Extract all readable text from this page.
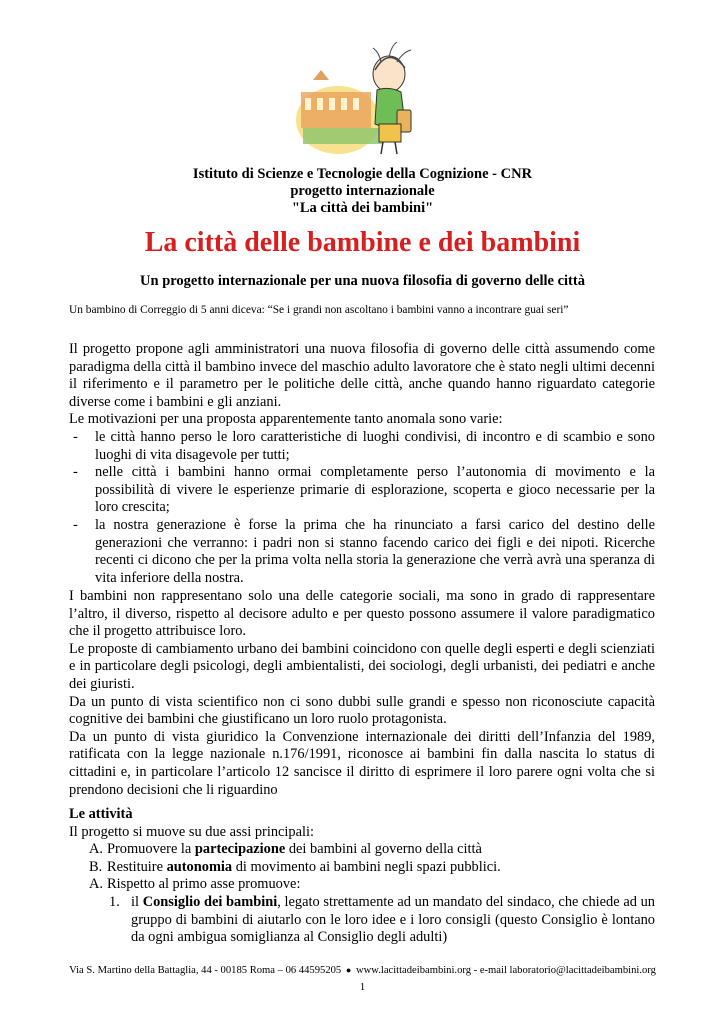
Istituto di Scienze e Tecnologie della Cognizione - CNR
progetto internazionale
"La città dei bambini"
La città delle bambine e dei bambini
Un progetto internazionale per una nuova filosofia di governo delle città
Un bambino di Correggio di 5 anni diceva: “Se i grandi non ascoltano i bambini vanno a incontrare guai seri”

Il progetto propone agli amministratori una nuova filosofia di governo delle città assumendo come paradigma della città il bambino invece del maschio adulto lavoratore che è stato negli ultimi decenni il riferimento e il parametro per le politiche delle città, anche quando hanno riguardato categorie diverse come i bambini e gli anziani.

Le motivazioni per una proposta apparentemente tanto anomala sono varie:

- le città hanno perso le loro caratteristiche di luoghi condivisi, di incontro e di scambio e sono luoghi di vita disagevole per tutti;
- nelle città i bambini hanno ormai completamente perso l’autonomia di movimento e la possibilità di vivere le esperienze primarie di esplorazione, scoperta e gioco necessarie per la loro crescita;
- la nostra generazione è forse la prima che ha rinunciato a farsi carico del destino delle generazioni che verranno: i padri non si stanno facendo carico dei figli e dei nipoti. Ricerche recenti ci dicono che per la prima volta nella storia la generazione che verrà avrà una speranza di vita inferiore della nostra.

I bambini non rappresentano solo una delle categorie sociali, ma sono in grado di rappresentare l’altro, il diverso, rispetto al decisore adulto e per questo possono assumere il valore paradigmatico che il progetto attribuisce loro.

Le proposte di cambiamento urbano dei bambini coincidono con quelle degli esperti e degli scienziati e in particolare degli psicologi, degli ambientalisti, dei sociologi, degli urbanisti, dei pediatri e anche dei giuristi.

Da un punto di vista scientifico non ci sono dubbi sulle grandi e spesso non riconosciute capacità cognitive dei bambini che giustificano un loro ruolo protagonista.

Da un punto di vista giuridico la Convenzione internazionale dei diritti dell’Infanzia del 1989, ratificata con la legge nazionale n.176/1991, riconosce ai bambini fin dalla nascita lo status di cittadini e, in particolare l’articolo 12 sancisce il diritto di esprimere il loro parere ogni volta che si prendono decisioni che li riguardino

Le attività

Il progetto si muove su due assi principali:

A. Promuovere la partecipazione dei bambini al governo della città
B. Restituire autonomia di movimento ai bambini negli spazi pubblici.
A. Rispetto al primo asse promuove:
1. il Consiglio dei bambini, legato strettamente ad un mandato del sindaco, che chiede ad un gruppo di bambini di aiutarlo con le loro idee e i loro consigli (questo Consiglio è lontano da ogni ambigua somiglianza al Consiglio degli adulti)
Via S. Martino della Battaglia, 44 - 00185 Roma – 06 44595205 ● www.lacittadeibambini.org - e-mail laboratorio@lacittadeibambini.org
1
